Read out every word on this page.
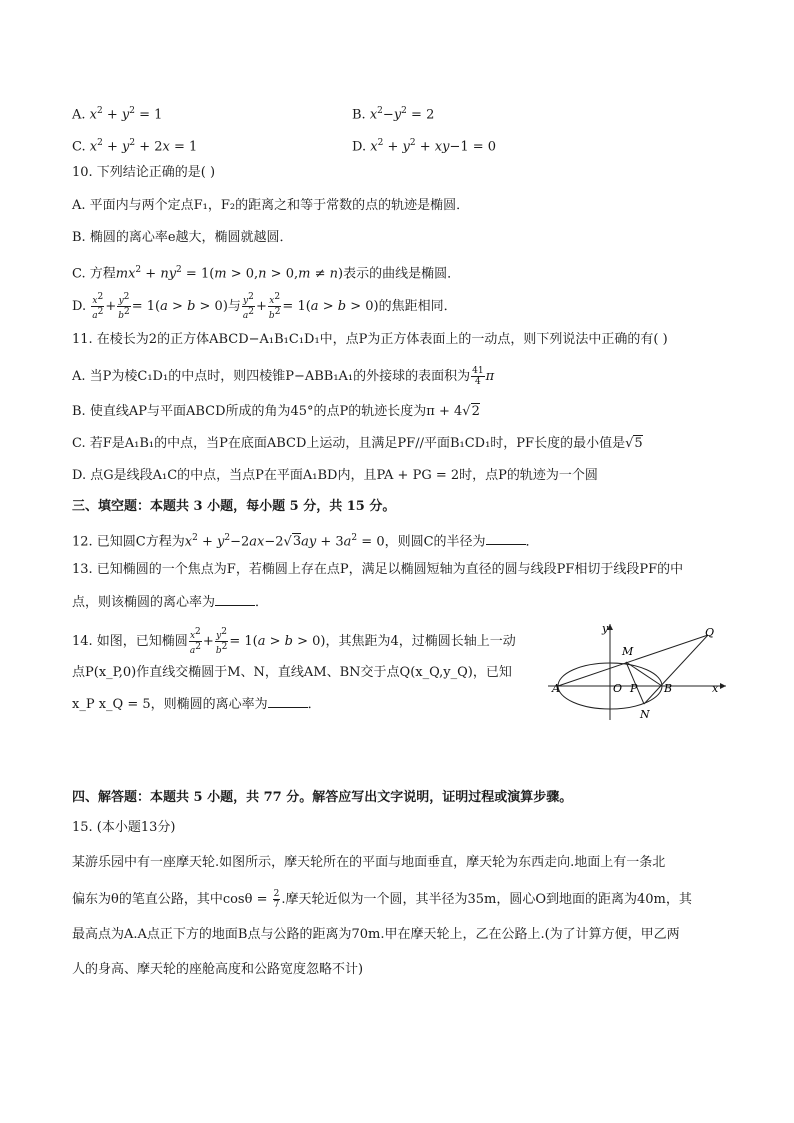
A. $x^2 + y^2 = 1$	B. $x^2-y^2 = 2$
C. $x^2 + y^2 + 2x = 1$	D. $x^2 + y^2 + xy-1 = 0$
10. 下列结论正确的是( )
A. 平面内与两个定点F₁，F₂的距离之和等于常数的点的轨迹是椭圆．
B. 椭圆的离心率e越大，椭圆就越圆．
C. 方程$mx^2 + ny^2 = 1(m > 0,n > 0,m \ne n)$表示的曲线是椭圆．
D. $\frac{x^2}{a^2} + \frac{y^2}{b^2} = 1(a > b > 0)$与 $\frac{y^2}{a^2} + \frac{x^2}{b^2} = 1(a > b > 0)$的焦距相同．
11. 在棱长为2的正方体ABCD−A₁B₁C₁D₁中，点P为正方体表面上的一动点，则下列说法中正确的有( )
A. 当P为棱C₁D₁的中点时，则四棱锥P−ABB₁A₁的外接球的表面积为 $\frac{41}{4}$ π
B. 使直线AP与平面ABCD所成的角为45°的点P的轨迹长度为π + 4√2
C. 若F是A₁B₁的中点，当P在底面ABCD上运动，且满足PF//平面B₁CD₁时，PF长度的最小值是√5
D. 点G是线段A₁C的中点，当点P在平面A₁BD内，且PA + PG = 2时，点P的轨迹为一个圆
三、填空题：本题共 3 小题，每小题 5 分，共 15 分。
12. 已知圆C方程为$x^2 + y^2-2ax-2√3ay + 3a^2 = 0$，则圆C的半径为	．
13. 已知椭圆的一个焦点为F，若椭圆上存在点P，满足以椭圆短轴为直径的圆与线段PF相切于线段PF的中
点，则该椭圆的离心率为	．
14. 如图，已知椭圆 $\frac{x^2}{a^2} + \frac{y^2}{b^2} = 1(a > b > 0)$，其焦距为4，过椭圆长轴上一动
点P(x_P,0)作直线交椭圆于M、N，直线AM、BN交于点Q(x_Q,y_Q)，已知
x_P x_Q = 5，则椭圆的离心率为	．
y
x
Q
M
A	O P B
N
四、解答题：本题共 5 小题，共 77 分。解答应写出文字说明，证明过程或演算步骤。
15. (本小题13分)
某游乐园中有一座摩天轮.如图所示，摩天轮所在的平面与地面垂直，摩天轮为东西走向.地面上有一条北
偏东为θ的笔直公路，其中$\cos\theta = \frac{2}{7}$ .摩天轮近似为一个圆，其半径为35m，圆心O到地面的距离为40m，其
最高点为A.A点正下方的地面B点与公路的距离为70m.甲在摩天轮上，乙在公路上.(为了计算方便，甲乙两
人的身高、摩天轮的座舱高度和公路宽度忽略不计)
